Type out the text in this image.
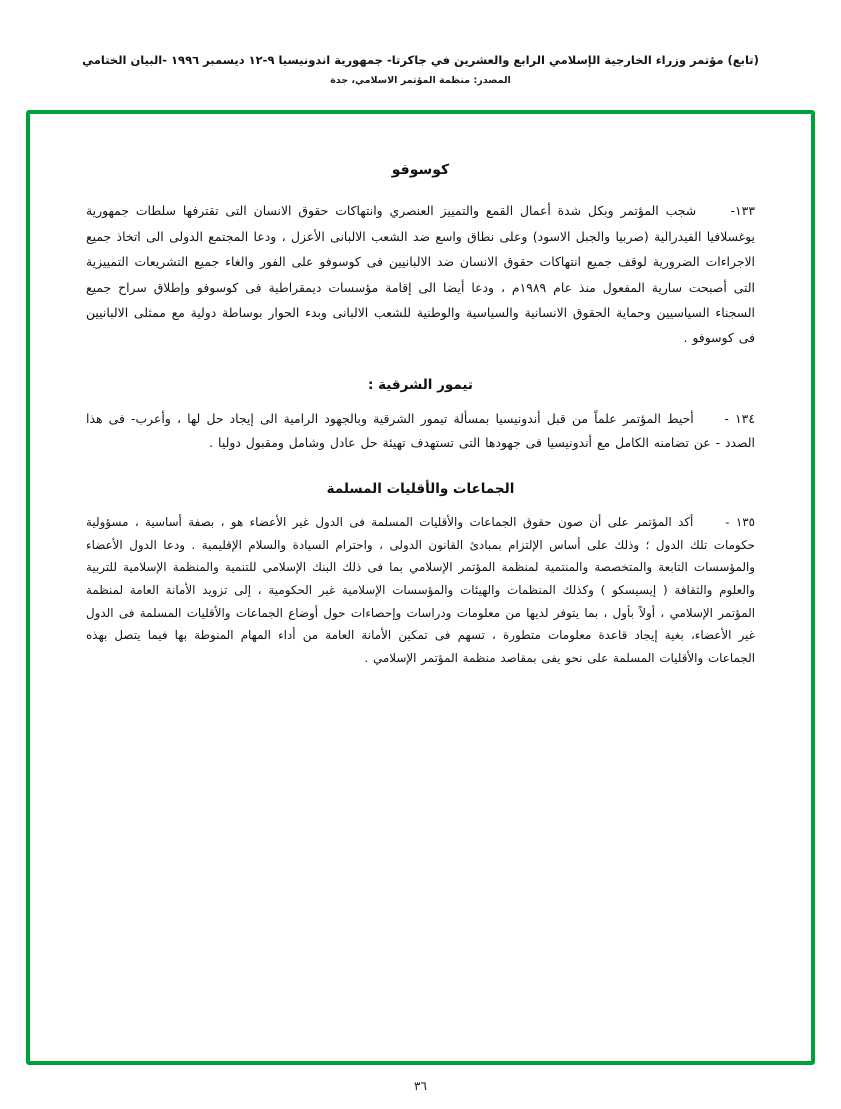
(تابع) مؤتمر وزراء الخارجية الإسلامي الرابع والعشرين في جاكرتا- جمهورية اندونيسيا ٩-١٢ ديسمبر ١٩٩٦ -البيان الختامي
المصدر: منظمة المؤتمر الاسلامي، جدة
كوسوفو

١٣٣-     شجب المؤتمر وبكل شدة أعمال القمع والتمييز العنصري وانتهاكات حقوق الانسان التى تقترفها سلطات جمهورية يوغسلافيا الفيدرالية (صربيا والجبل الاسود) وعلى نطاق واسع ضد الشعب الالبانى الأعزل ، ودعا المجتمع الدولى الى اتخاذ جميع الاجراءات الضرورية لوقف جميع انتهاكات حقوق الانسان ضد الالبانيين فى كوسوفو على الفور والغاء جميع التشريعات التمييزية التى أصبحت سارية المفعول منذ عام ١٩٨٩م ، ودعا أيضا الى إقامة مؤسسات ديمقراطية فى كوسوفو وإطلاق سراح جميع السجناء السياسيين وحماية الحقوق الانسانية والسياسية والوطنية للشعب الالبانى وبدء الحوار بوساطة دولية مع ممثلى الالبانيين فى كوسوفو .

تيمور الشرقية :

١٣٤ -     أحيط المؤتمر علماً من قبل أندونيسيا بمسألة تيمور الشرقية وبالجهود الرامية الى إيجاد حل لها ، وأعرب- فى هذا الصدد - عن تضامنه الكامل مع أندونيسيا فى جهودها التى تستهدف تهيئة حل عادل وشامل ومقبول دوليا .

الجماعات والأقليات المسلمة

١٣٥ -     أكد المؤتمر على أن صون حقوق الجماعات والأقليات المسلمة فى الدول غير الأعضاء هو ، بصفة أساسية ، مسؤولية حكومات تلك الدول ؛ وذلك على أساس الإلتزام بمبادئ القانون الدولى ، واحترام السيادة والسلام الإقليمية . ودعا الدول الأعضاء والمؤسسات التابعة والمتخصصة والمنتمية لمنظمة المؤتمر الإسلامي بما فى ذلك البنك الإسلامى للتنمية والمنظمة الإسلامية للتربية والعلوم والثقافة ( إيسيسكو ) وكذلك المنظمات والهيئات والمؤسسات الإسلامية غير الحكومية ، إلى تزويد الأمانة العامة لمنظمة المؤتمر الإسلامي ، أولاً بأول ، بما يتوفر لديها من معلومات ودراسات وإحصاءات حول أوضاع الجماعات والأقليات المسلمة فى الدول غير الأعضاء، بغية إيجاد قاعدة معلومات متطورة ، تسهم فى تمكين الأمانة العامة من أداء المهام المنوطة بها فيما يتصل بهذه الجماعات والأقليات المسلمة على نحو يفى بمقاصد منظمة المؤتمر الإسلامي .

٣٦
